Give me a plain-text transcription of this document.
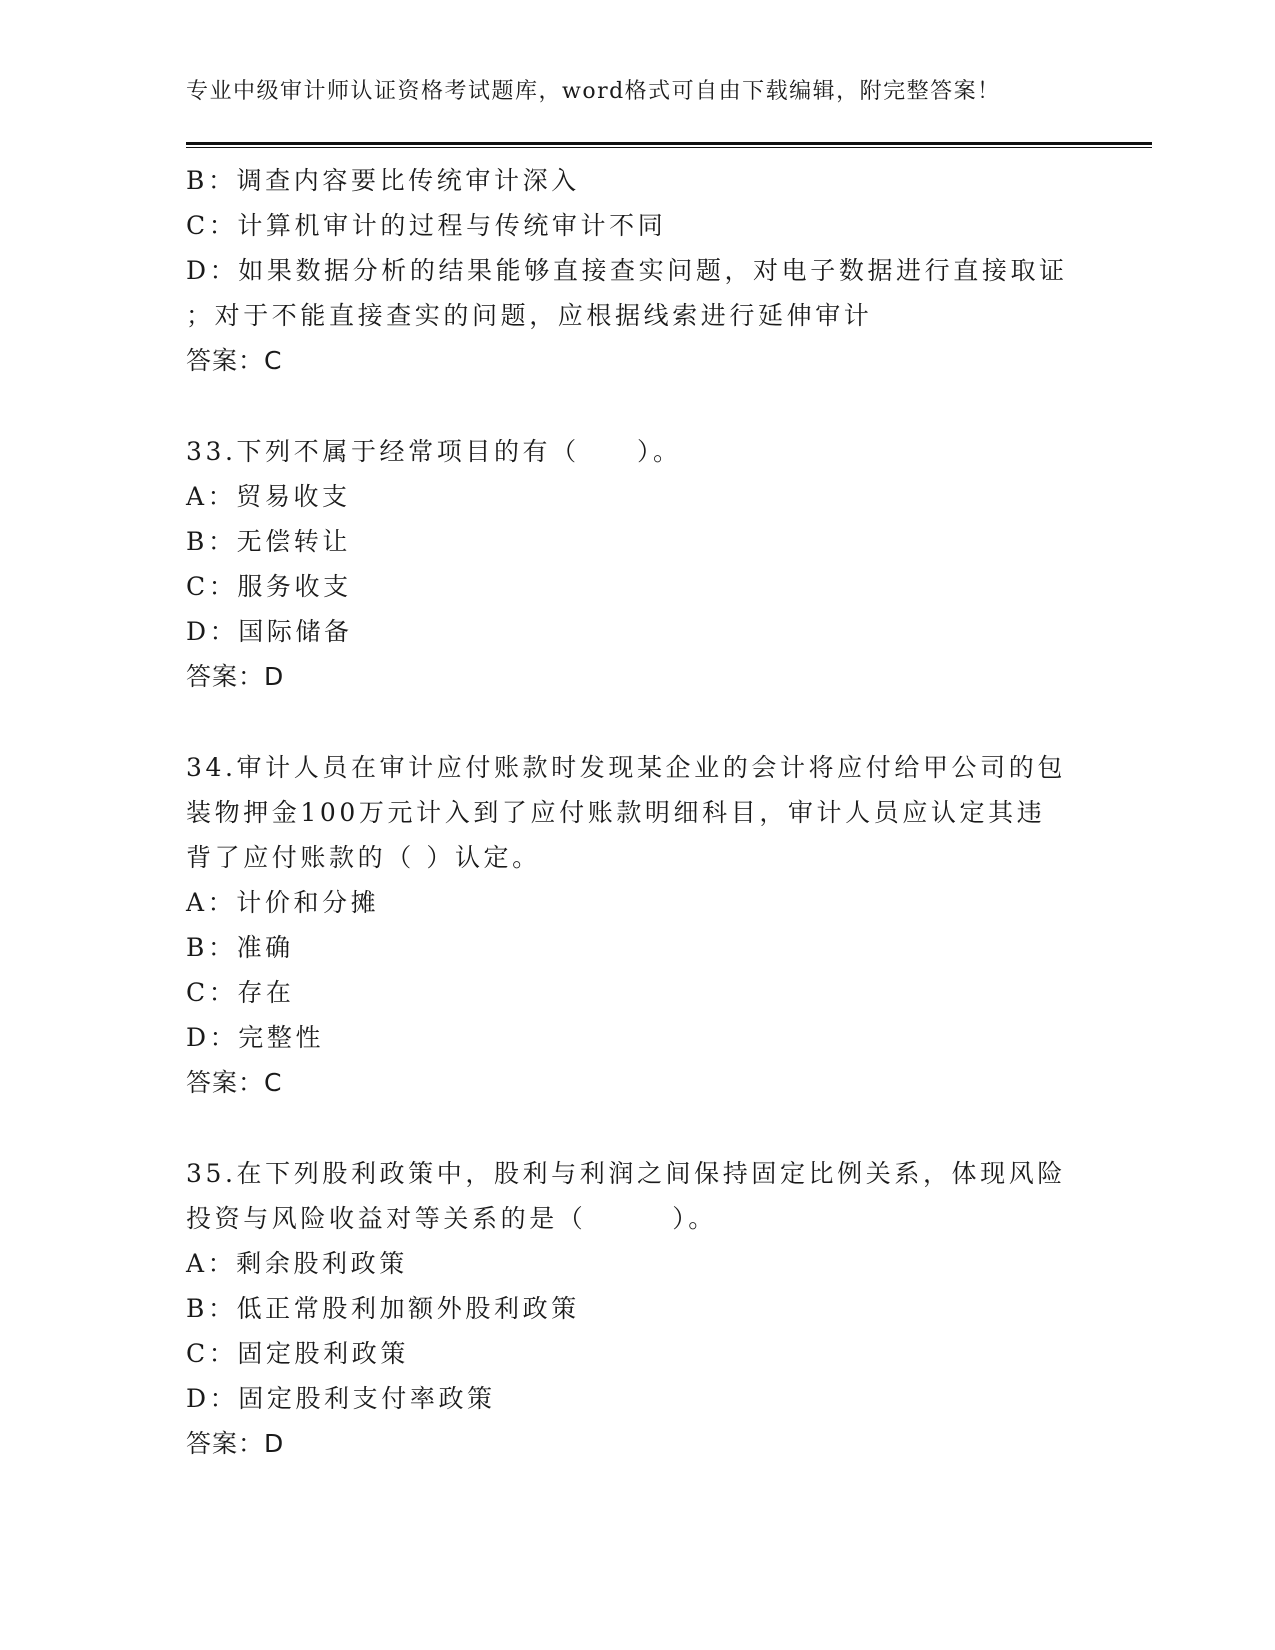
专业中级审计师认证资格考试题库，word格式可自由下载编辑，附完整答案！
B：调查内容要比传统审计深入
C：计算机审计的过程与传统审计不同
D：如果数据分析的结果能够直接查实问题，对电子数据进行直接取证
；对于不能直接查实的问题，应根据线索进行延伸审计
答案：C
33.下列不属于经常项目的有（　　）。
A：贸易收支
B：无偿转让
C：服务收支
D：国际储备
答案：D
34.审计人员在审计应付账款时发现某企业的会计将应付给甲公司的包
装物押金100万元计入到了应付账款明细科目，审计人员应认定其违
背了应付账款的（ ）认定。
A：计价和分摊
B：准确
C：存在
D：完整性
答案：C
35.在下列股利政策中，股利与利润之间保持固定比例关系，体现风险
投资与风险收益对等关系的是（　　　）。
A：剩余股利政策
B：低正常股利加额外股利政策
C：固定股利政策
D：固定股利支付率政策
答案：D
